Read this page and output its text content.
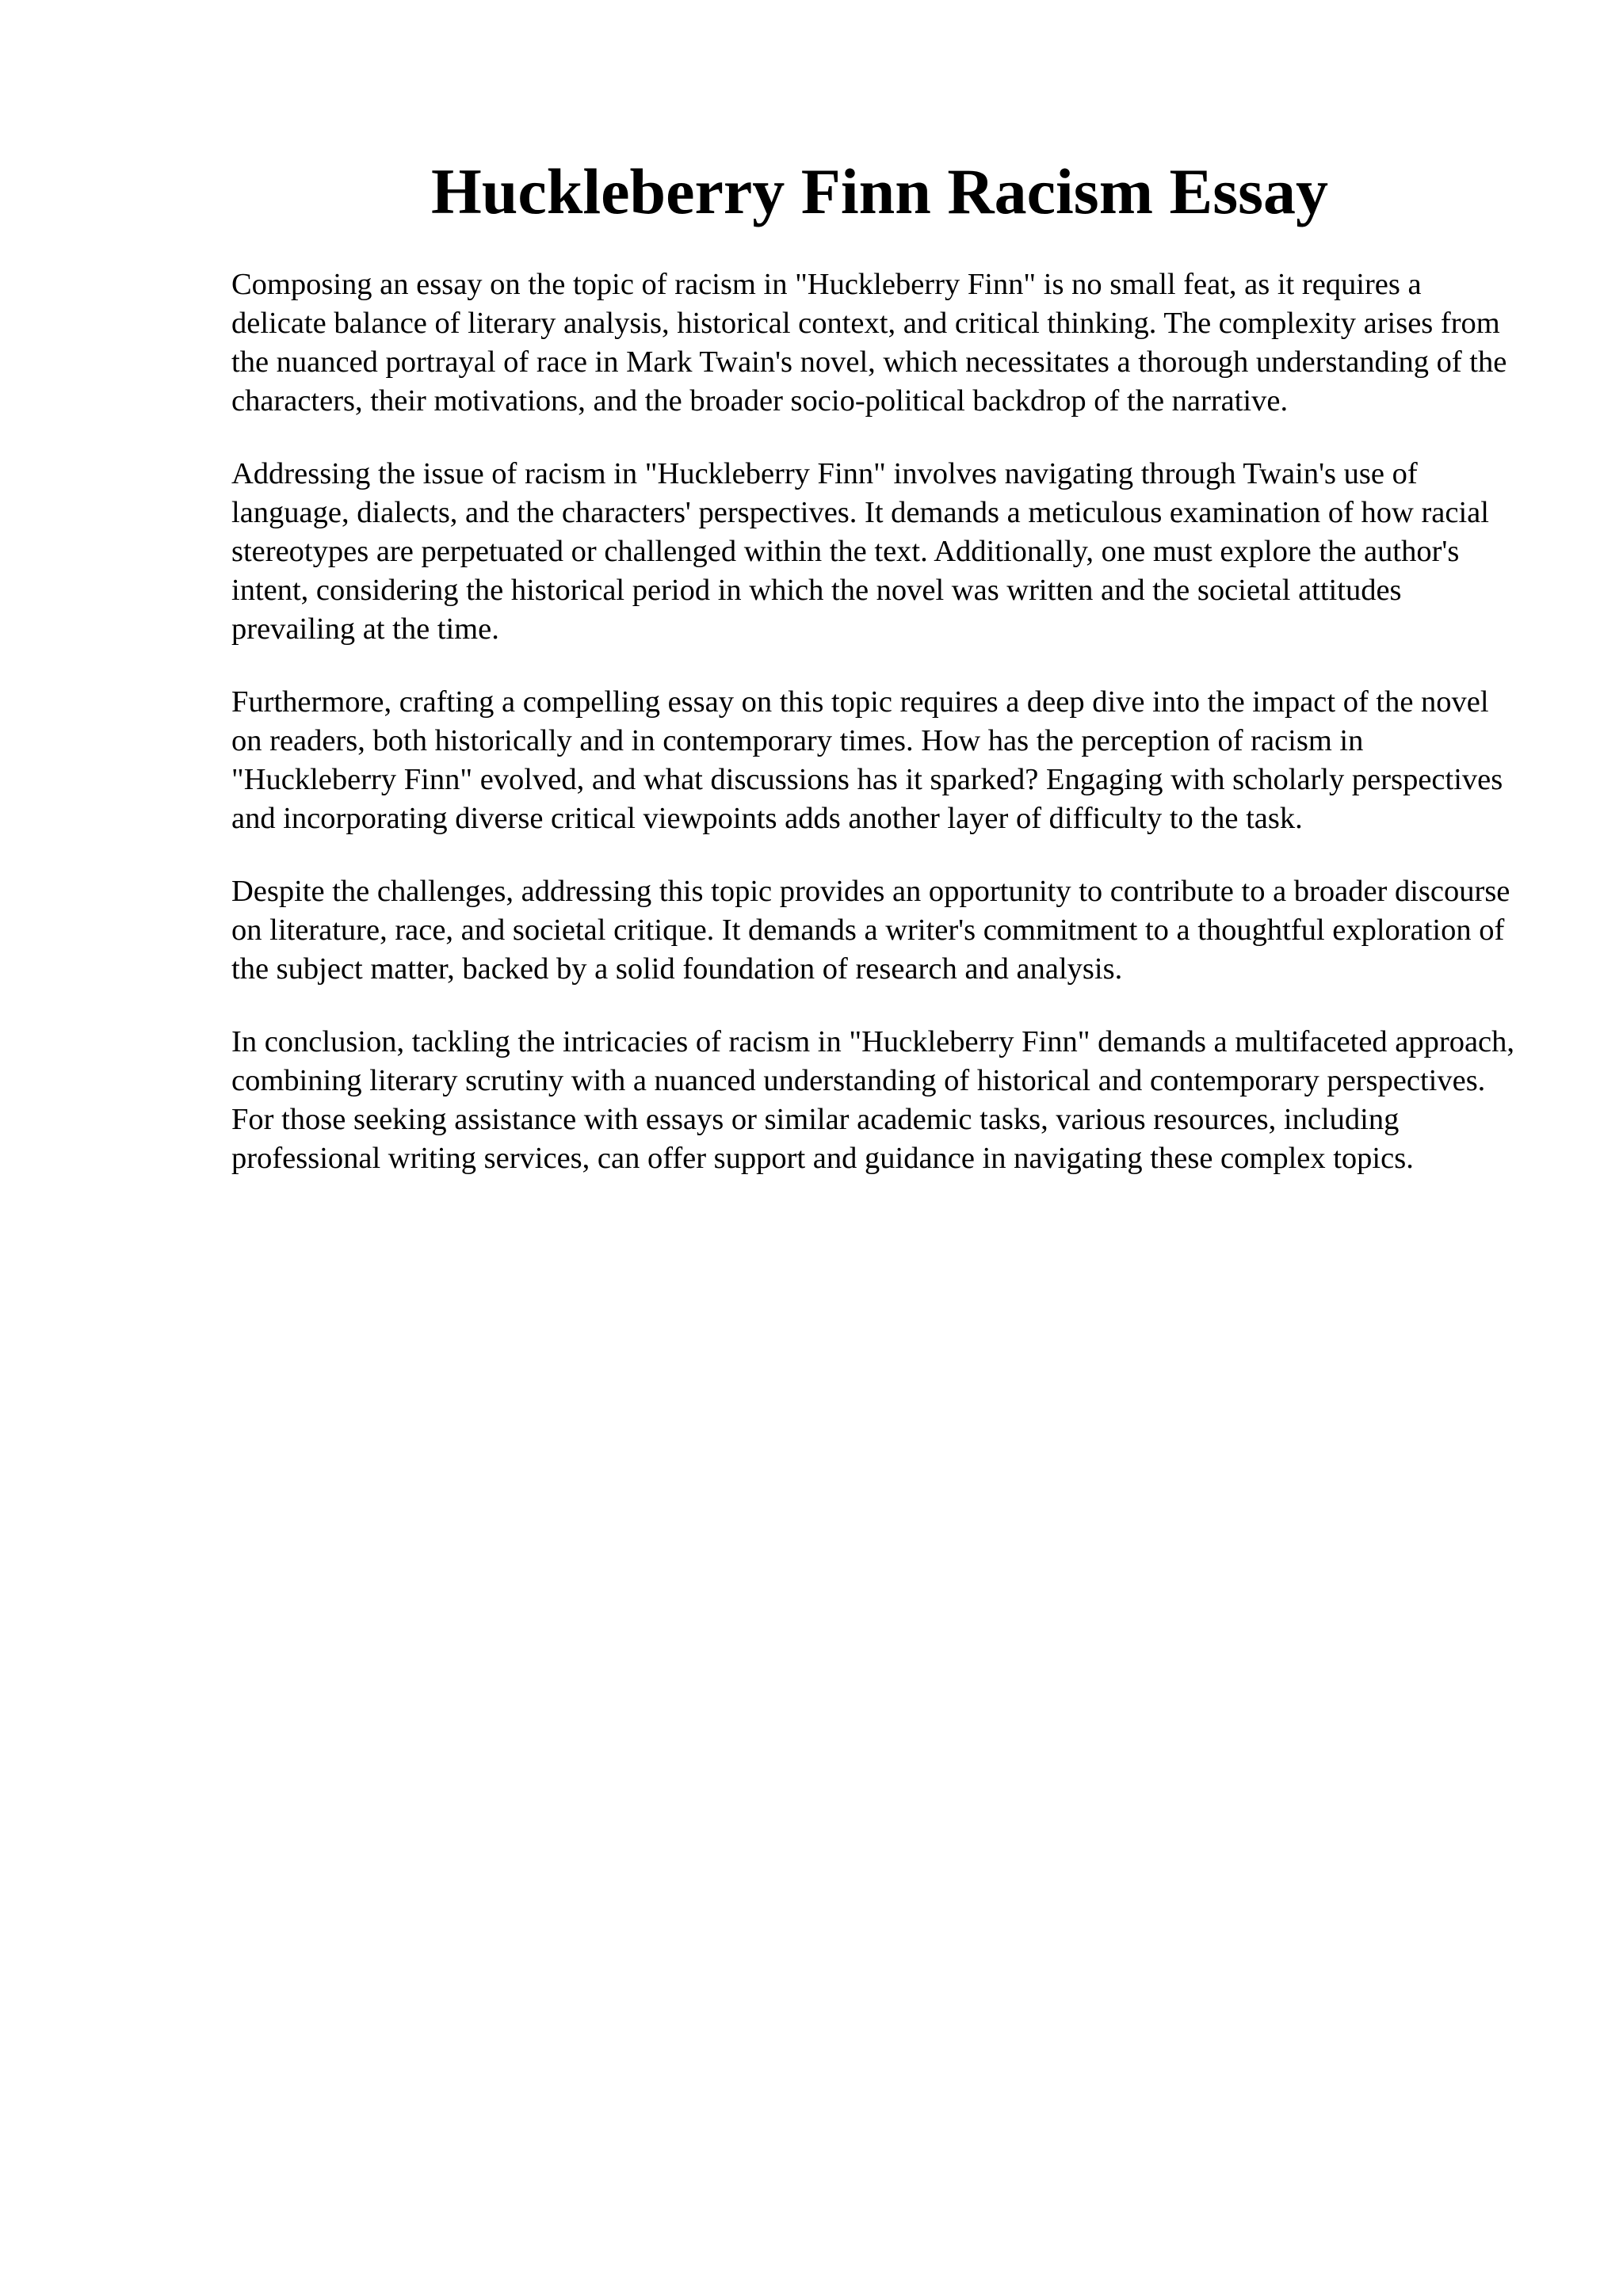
Huckleberry Finn Racism Essay

Composing an essay on the topic of racism in "Huckleberry Finn" is no small feat, as it requires a delicate balance of literary analysis, historical context, and critical thinking. The complexity arises from the nuanced portrayal of race in Mark Twain's novel, which necessitates a thorough understanding of the characters, their motivations, and the broader socio-political backdrop of the narrative.

Addressing the issue of racism in "Huckleberry Finn" involves navigating through Twain's use of language, dialects, and the characters' perspectives. It demands a meticulous examination of how racial stereotypes are perpetuated or challenged within the text. Additionally, one must explore the author's intent, considering the historical period in which the novel was written and the societal attitudes prevailing at the time.

Furthermore, crafting a compelling essay on this topic requires a deep dive into the impact of the novel on readers, both historically and in contemporary times. How has the perception of racism in "Huckleberry Finn" evolved, and what discussions has it sparked? Engaging with scholarly perspectives and incorporating diverse critical viewpoints adds another layer of difficulty to the task.

Despite the challenges, addressing this topic provides an opportunity to contribute to a broader discourse on literature, race, and societal critique. It demands a writer's commitment to a thoughtful exploration of the subject matter, backed by a solid foundation of research and analysis.

In conclusion, tackling the intricacies of racism in "Huckleberry Finn" demands a multifaceted approach, combining literary scrutiny with a nuanced understanding of historical and contemporary perspectives. For those seeking assistance with essays or similar academic tasks, various resources, including professional writing services, can offer support and guidance in navigating these complex topics.
